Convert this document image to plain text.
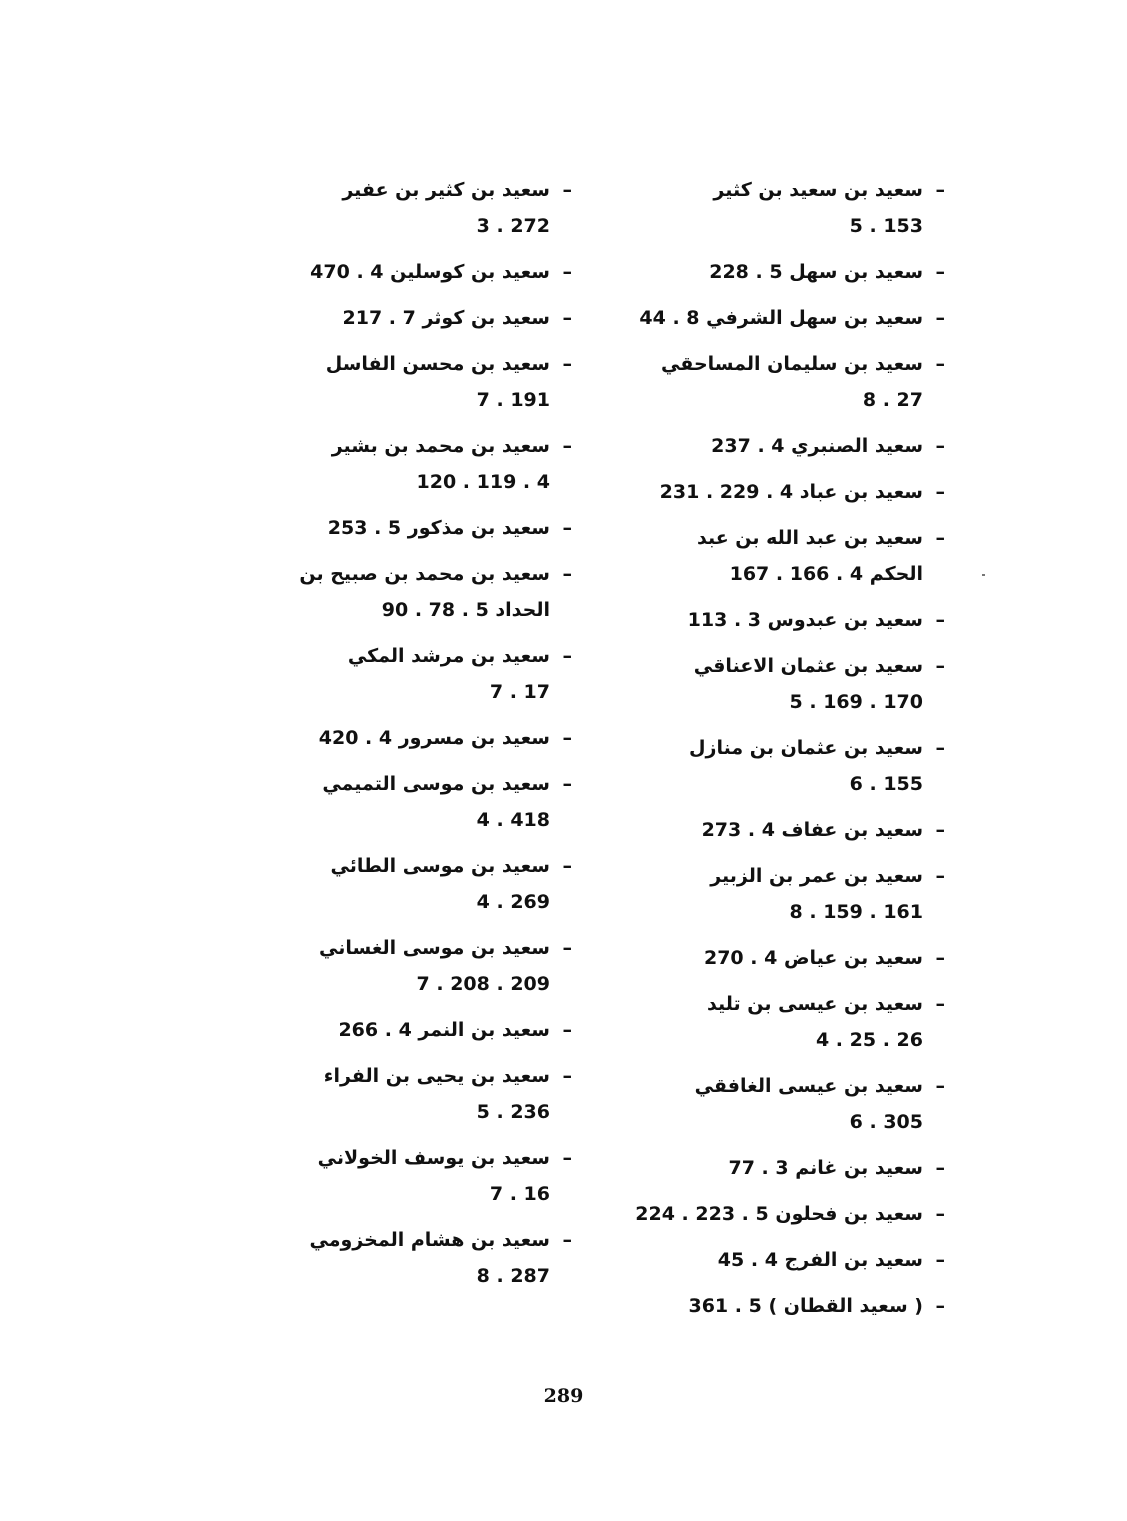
–سعيد بن سعيد بن كثير
153 . 5
–سعيد بن سهل 5 . 228
–سعيد بن سهل الشرفي 8 . 44
–سعيد بن سليمان المساحقي
27 . 8
–سعيد الصنبري 4 . 237
–سعيد بن عباد 4 . 229 . 231
–سعيد بن عبد الله بن عبد
الحكم 4 . 166 . 167
–سعيد بن عبدوس 3 . 113
–سعيد بن عثمان الاعناقي
170 . 169 . 5
–سعيد بن عثمان بن منازل
155 . 6
–سعيد بن عفاف 4 . 273
–سعيد بن عمر بن الزبير
161 . 159 . 8
–سعيد بن عياض 4 . 270
–سعيد بن عيسى بن تليد
26 . 25 . 4
–سعيد بن عيسى الغافقي
305 . 6
–سعيد بن غانم 3 . 77
–سعيد بن فحلون 5 . 223 . 224
–سعيد بن الفرج 4 . 45
–( سعيد القطان ) 5 . 361
–سعيد بن كثير بن عفير
272 . 3
–سعيد بن كوسلين 4 . 470
–سعيد بن كوثر 7 . 217
–سعيد بن محسن الفاسل
191 . 7
–سعيد بن محمد بن بشير
4 . 119 . 120
–سعيد بن مذكور 5 . 253
–سعيد بن محمد بن صبيح بن
الحداد 5 . 78 . 90
–سعيد بن مرشد المكي
17 . 7
–سعيد بن مسرور 4 . 420
–سعيد بن موسى التميمي
418 . 4
–سعيد بن موسى الطائي
269 . 4
–سعيد بن موسى الغساني
209 . 208 . 7
–سعيد بن النمر 4 . 266
–سعيد بن يحيى بن الفراء
236 . 5
–سعيد بن يوسف الخولاني
16 . 7
–سعيد بن هشام المخزومي
287 . 8
289
